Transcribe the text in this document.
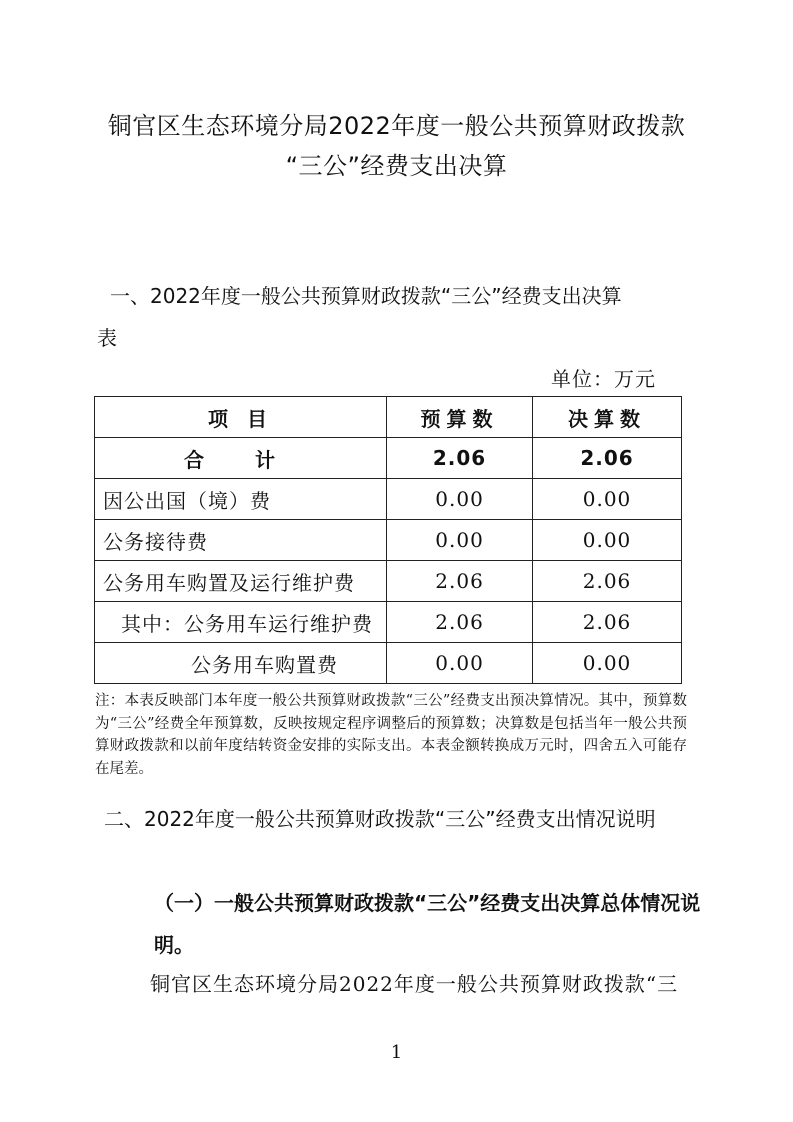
铜官区生态环境分局2022年度一般公共预算财政拨款
“三公”经费支出决算
一、2022年度一般公共预算财政拨款“三公”经费支出决算
表
单位：万元
项 目	预算数	决算数
合 计	2.06	2.06
因公出国（境）费	0.00	0.00
公务接待费	0.00	0.00
公务用车购置及运行维护费	2.06	2.06
其中：公务用车运行维护费	2.06	2.06
公务用车购置费	0.00	0.00
注：本表反映部门本年度一般公共预算财政拨款“三公”经费支出预决算情况。其中，预算数为“三公”经费全年预算数，反映按规定程序调整后的预算数；决算数是包括当年一般公共预算财政拨款和以前年度结转资金安排的实际支出。本表金额转换成万元时，四舍五入可能存在尾差。
二、2022年度一般公共预算财政拨款“三公”经费支出情况说明
（一）一般公共预算财政拨款“三公”经费支出决算总体情况说明。
铜官区生态环境分局2022年度一般公共预算财政拨款“三
1
